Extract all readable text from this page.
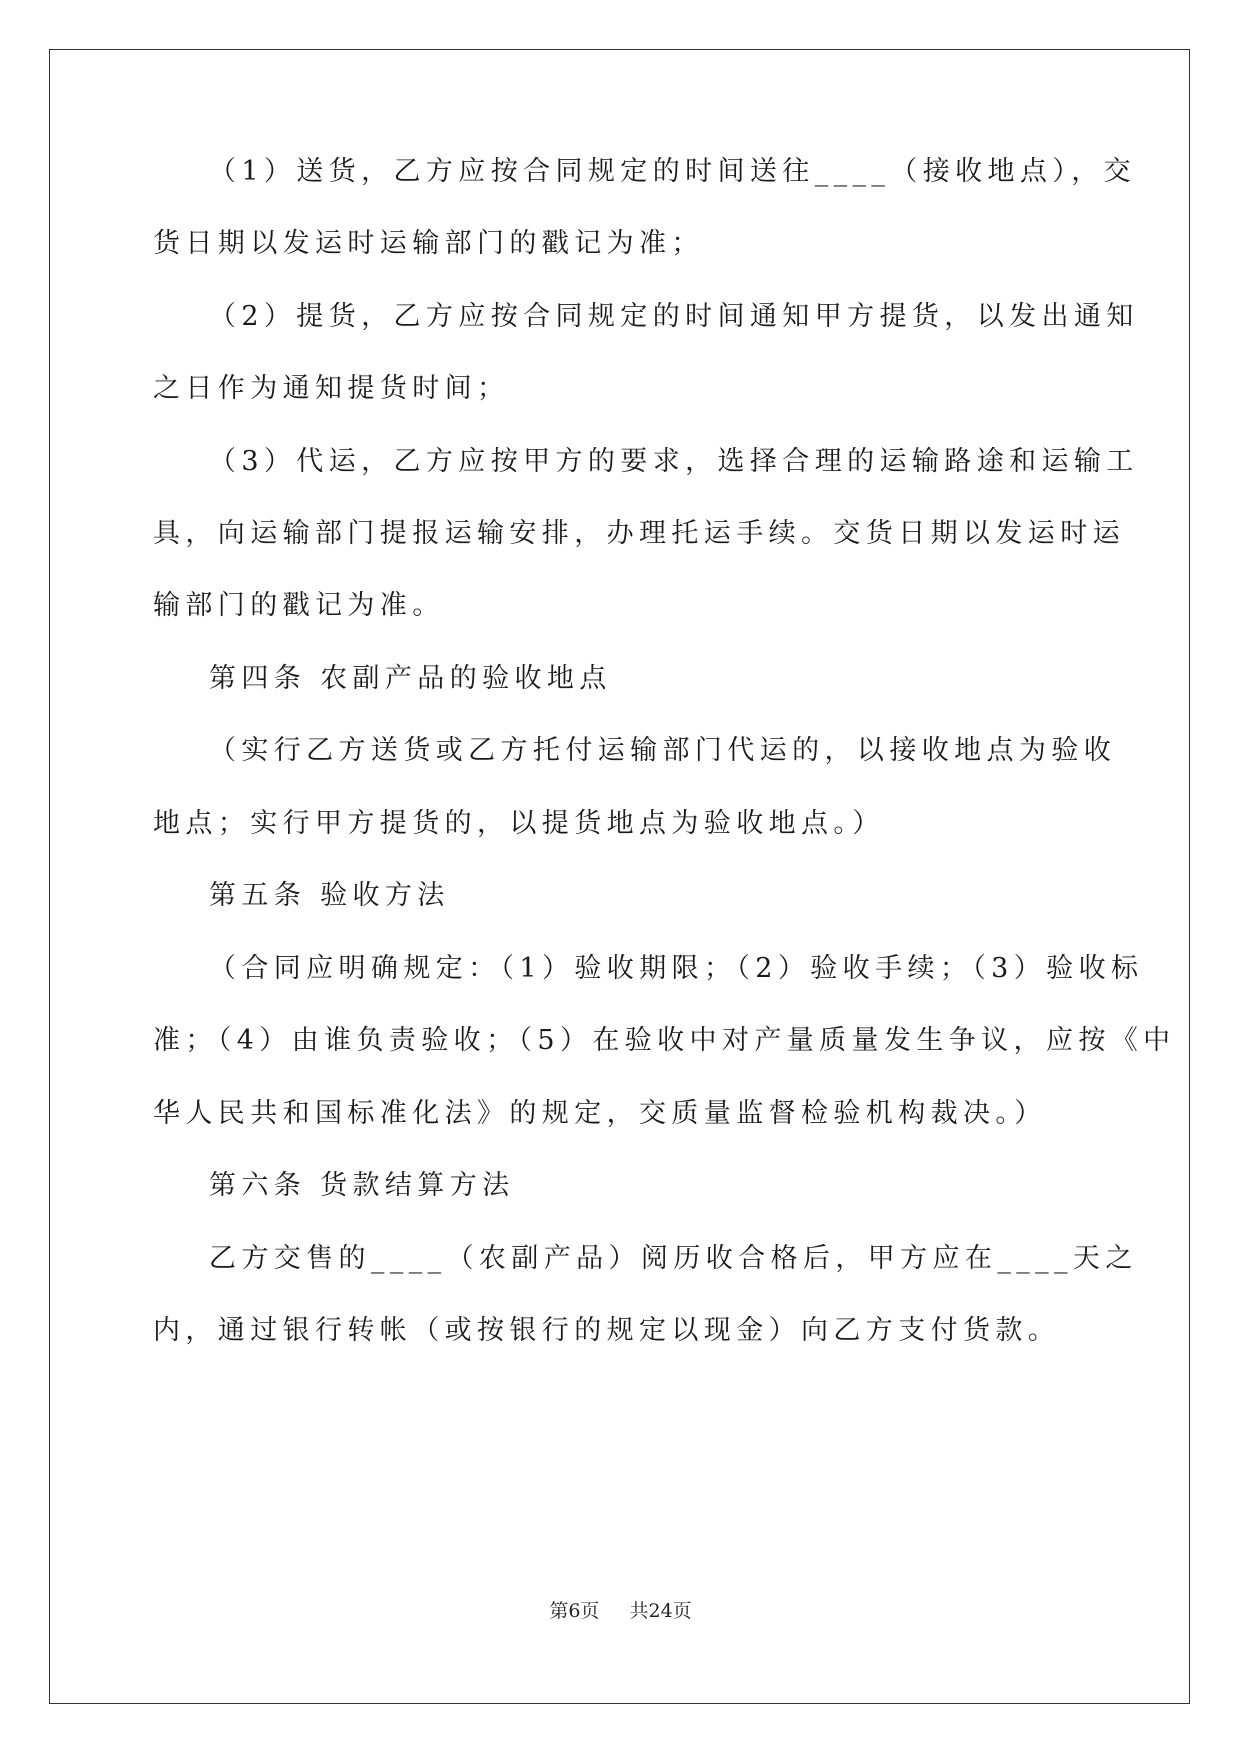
（1）送货，乙方应按合同规定的时间送往____（接收地点），交

货日期以发运时运输部门的戳记为准；

（2）提货，乙方应按合同规定的时间通知甲方提货，以发出通知

之日作为通知提货时间；

（3）代运，乙方应按甲方的要求，选择合理的运输路途和运输工

具，向运输部门提报运输安排，办理托运手续。交货日期以发运时运

输部门的戳记为准。

第四条 农副产品的验收地点

（实行乙方送货或乙方托付运输部门代运的，以接收地点为验收

地点；实行甲方提货的，以提货地点为验收地点。）

第五条 验收方法

（合同应明确规定：（1）验收期限；（2）验收手续；（3）验收标

准；（4）由谁负责验收；（5）在验收中对产量质量发生争议，应按《中

华人民共和国标准化法》的规定，交质量监督检验机构裁决。）

第六条 货款结算方法

乙方交售的____（农副产品）阅历收合格后，甲方应在____天之

内，通过银行转帐（或按银行的规定以现金）向乙方支付货款。

第6页 共24页
